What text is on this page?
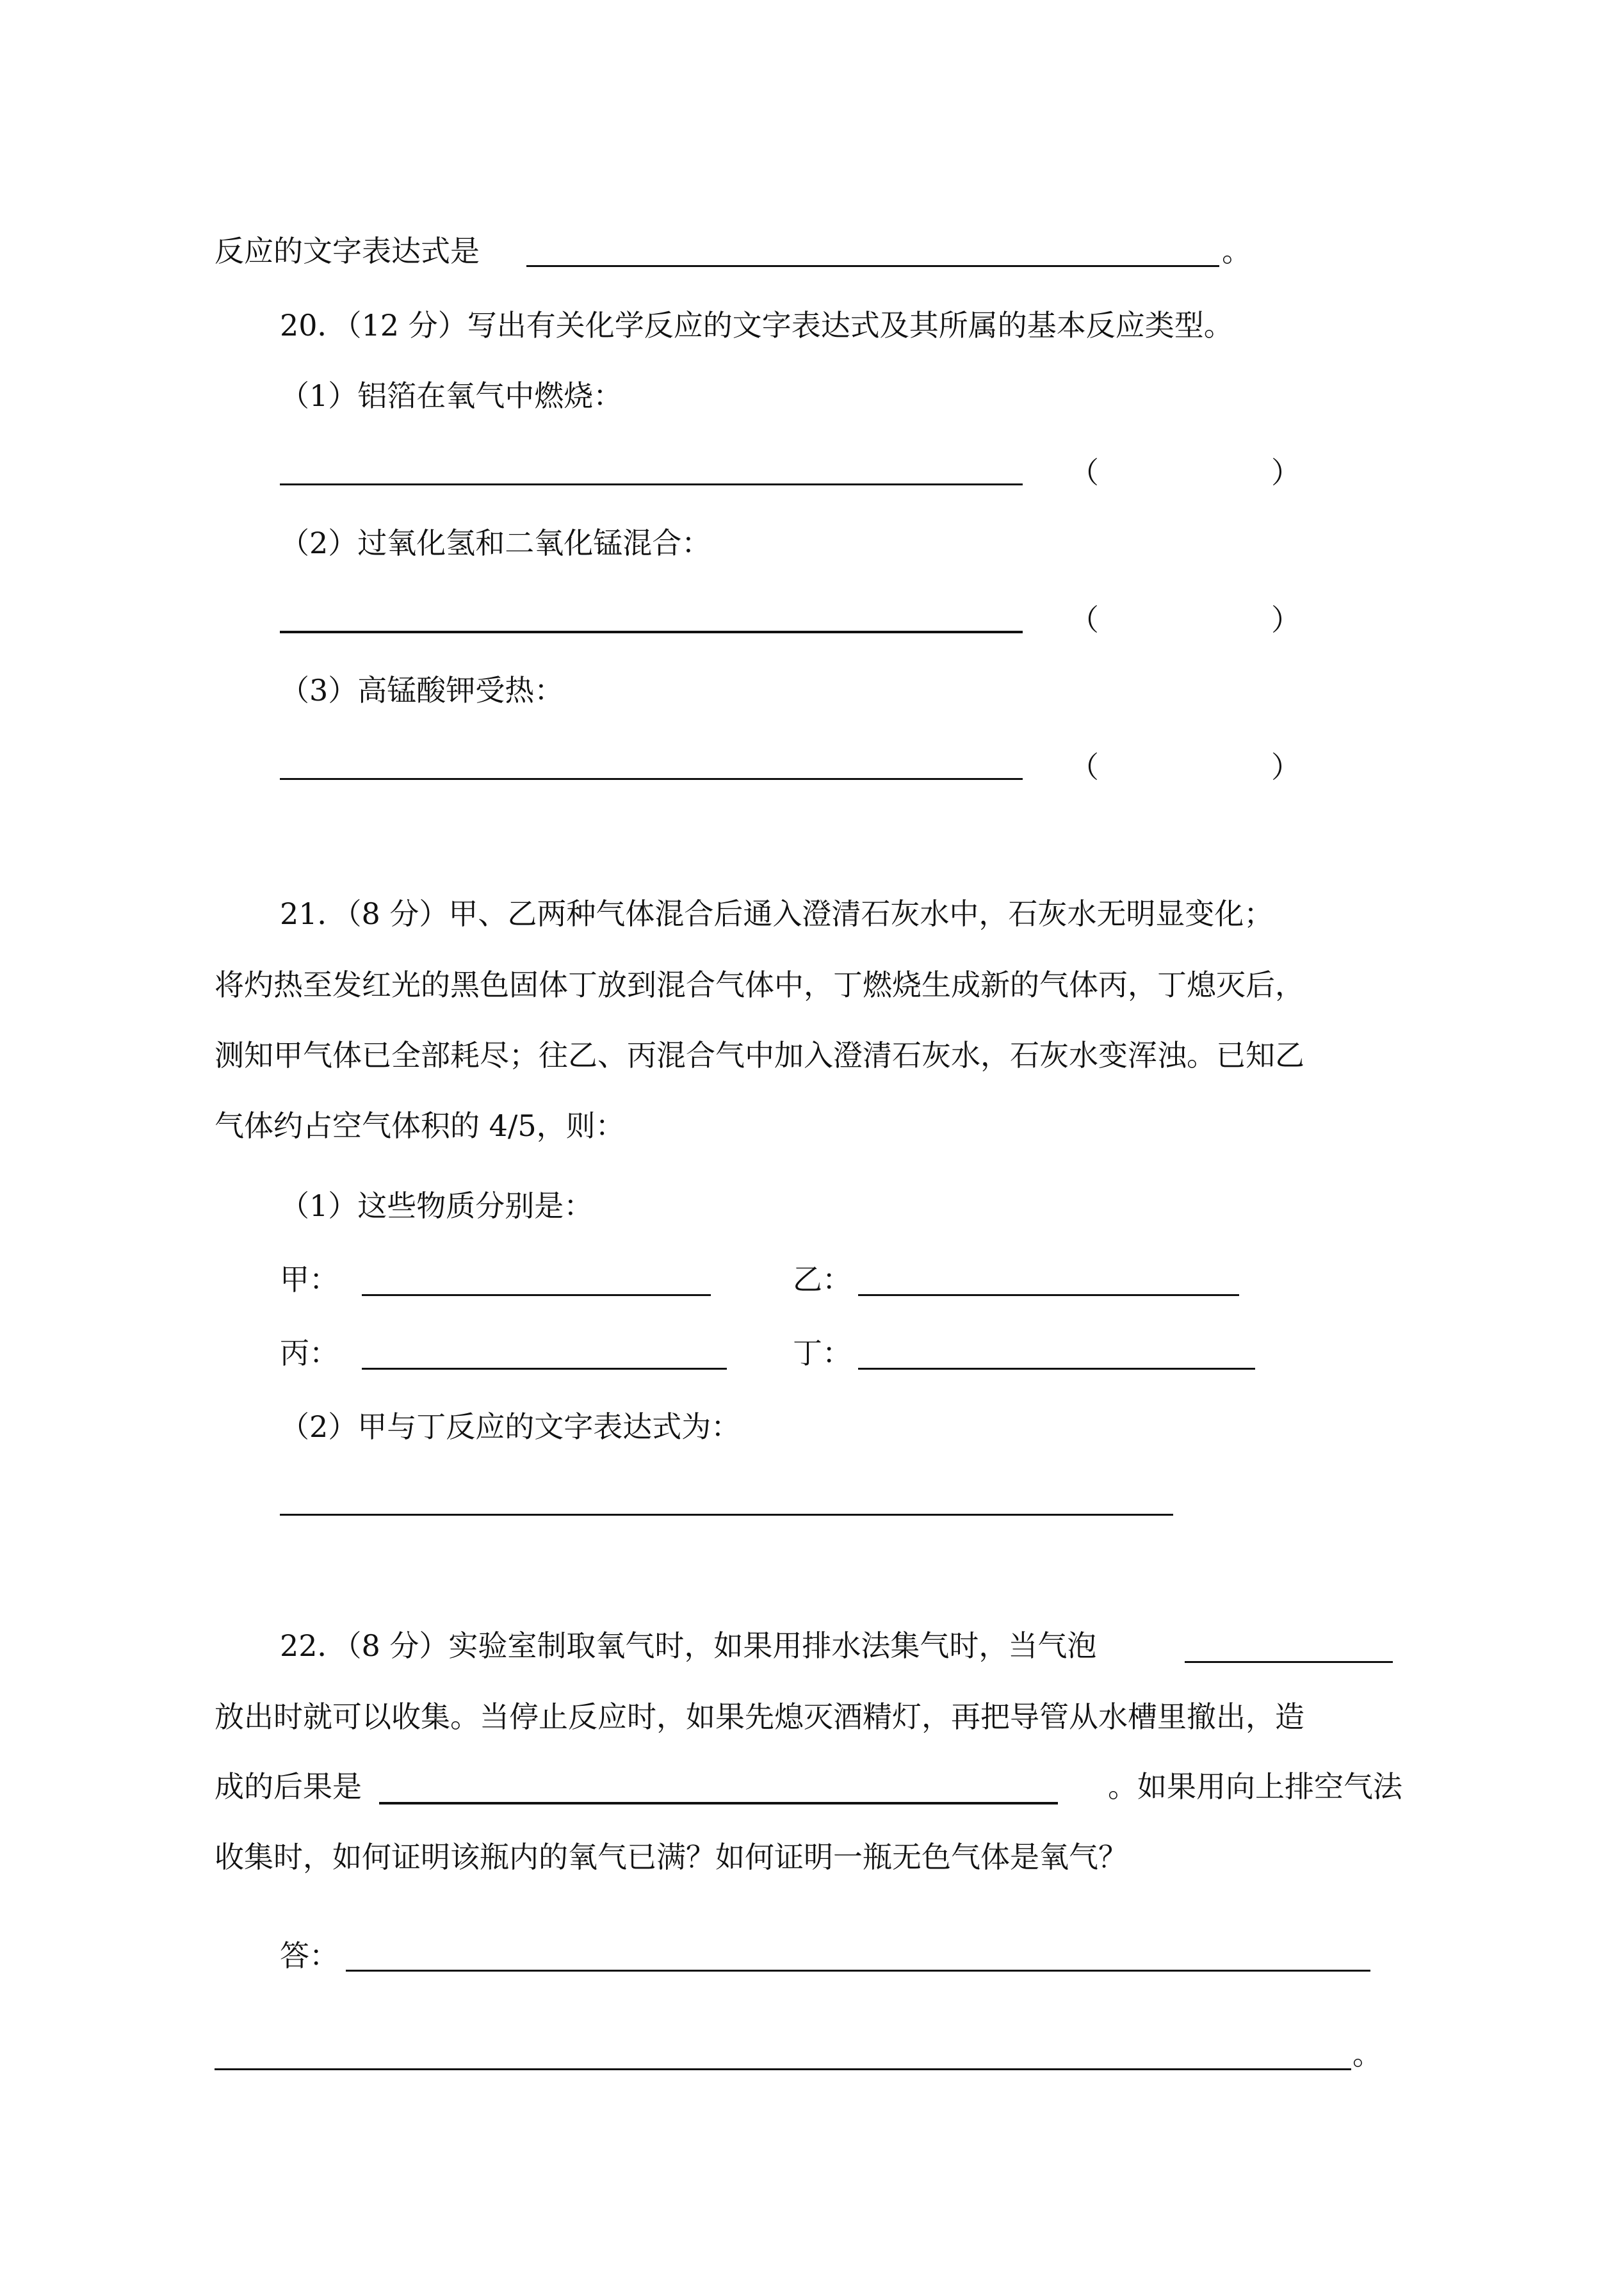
反应的文字表达式是	。
20．（12 分）写出有关化学反应的文字表达式及其所属的基本反应类型。
（1）铝箔在氧气中燃烧：
（	）
（2）过氧化氢和二氧化锰混合：
（	）
（3）高锰酸钾受热：
（	）
21．（8 分）甲、乙两种气体混合后通入澄清石灰水中，石灰水无明显变化；
将灼热至发红光的黑色固体丁放到混合气体中，丁燃烧生成新的气体丙，丁熄灭后，
测知甲气体已全部耗尽；往乙、丙混合气中加入澄清石灰水，石灰水变浑浊。已知乙
气体约占空气体积的 4/5，则：
（1）这些物质分别是：
甲：	乙：
丙：	丁：
（2）甲与丁反应的文字表达式为：
22．（8 分）实验室制取氧气时，如果用排水法集气时，当气泡
放出时就可以收集。当停止反应时，如果先熄灭酒精灯，再把导管从水槽里撤出，造
成的后果是	。如果用向上排空气法
收集时，如何证明该瓶内的氧气已满？如何证明一瓶无色气体是氧气？
答：
。
